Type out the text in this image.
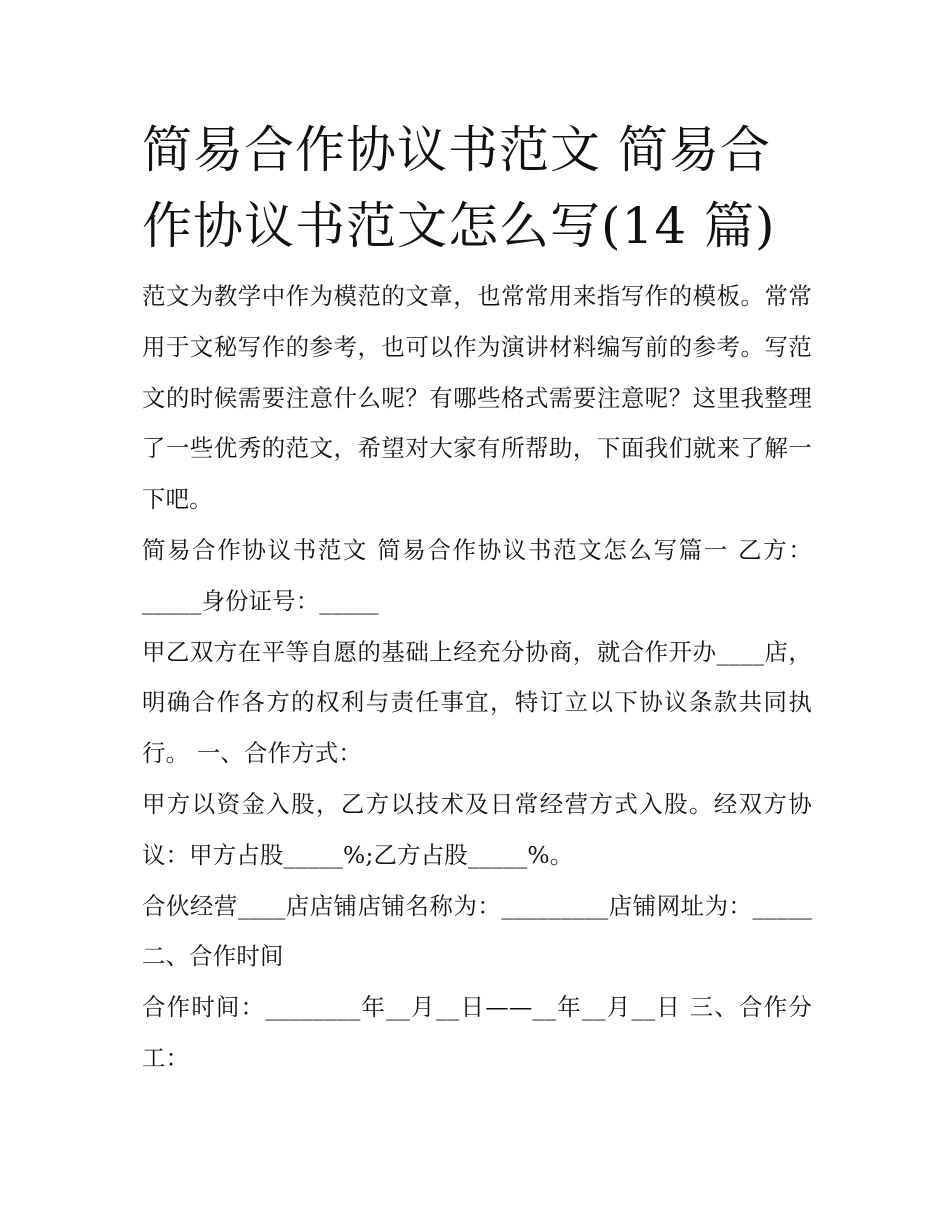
简易合作协议书范文 简易合作协议书范文怎么写(14 篇)

范文为教学中作为模范的文章，也常常用来指写作的模板。常常用于文秘写作的参考，也可以作为演讲材料编写前的参考。写范文的时候需要注意什么呢？有哪些格式需要注意呢？这里我整理了一些优秀的范文，希望对大家有所帮助，下面我们就来了解一下吧。

简易合作协议书范文 简易合作协议书范文怎么写篇一 乙方：_____身份证号：_____

甲乙双方在平等自愿的基础上经充分协商，就合作开办____店，明确合作各方的权利与责任事宜，特订立以下协议条款共同执行。 一、合作方式：

甲方以资金入股，乙方以技术及日常经营方式入股。经双方协议：甲方占股_____%;乙方占股_____%。

合伙经营____店店铺店铺名称为：_________店铺网址为：_____ 二、合作时间

合作时间：________年__月__日——__年__月__日 三、合作分工：
